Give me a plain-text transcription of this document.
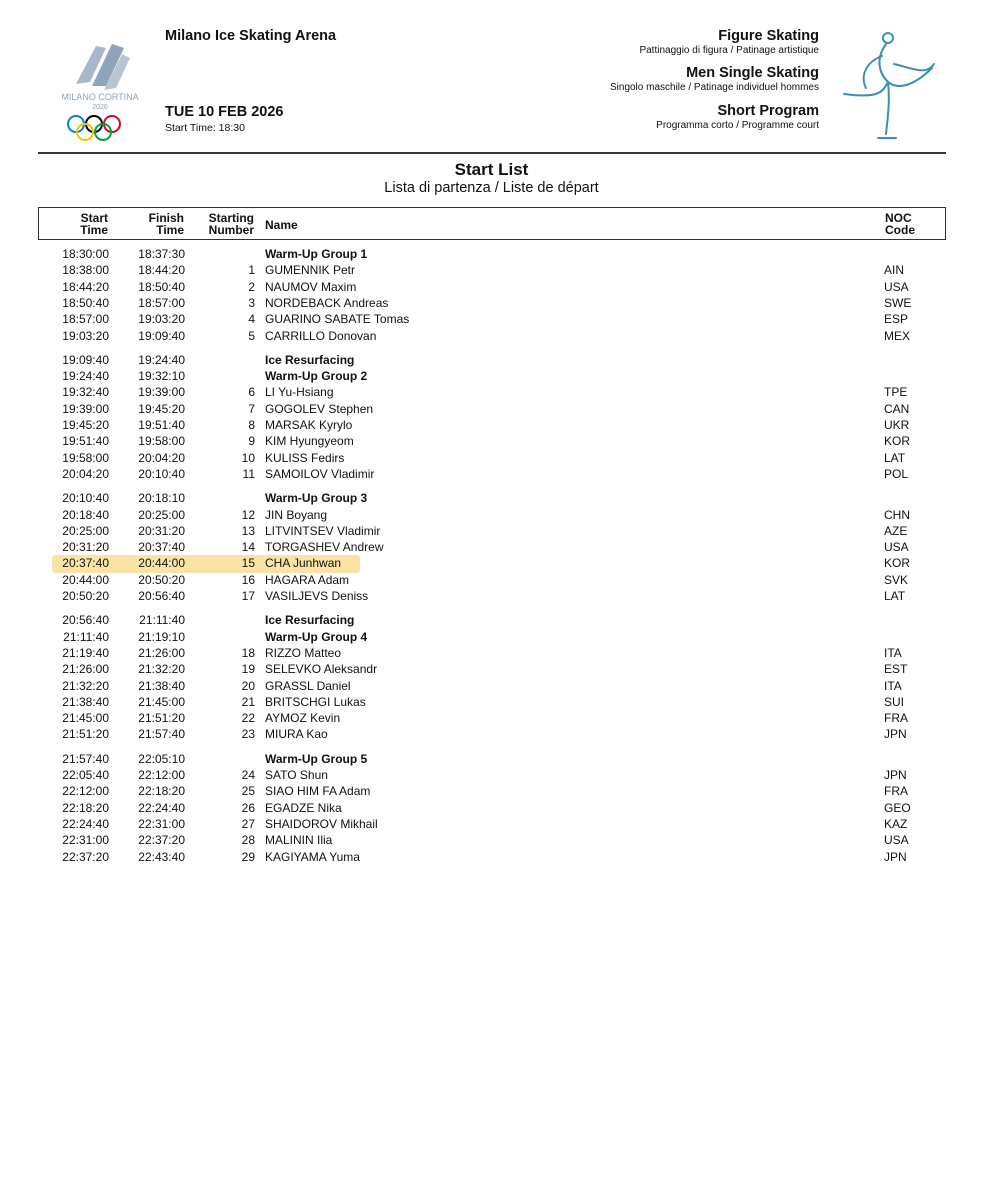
MILANO CORTINA
2026
Milano Ice Skating Arena
TUE 10 FEB 2026
Start Time: 18:30
Figure Skating
Pattinaggio di figura / Patinage artistique
Men Single Skating
Singolo maschile / Patinage individuel hommes
Short Program
Programma corto / Programme court
Start List
Lista di partenza / Liste de départ
Start
Time
Finish
Time
Starting
Number Name	NOC
Code
18:30:00 18:37:30	Warm-Up Group 1
18:38:00 18:44:20	1 GUMENNIK Petr	AIN
18:44:20 18:50:40	2 NAUMOV Maxim	USA
18:50:40 18:57:00	3 NORDEBACK Andreas	SWE
18:57:00 19:03:20	4 GUARINO SABATE Tomas	ESP
19:03:20 19:09:40	5 CARRILLO Donovan	MEX
19:09:40 19:24:40	Ice Resurfacing
19:24:40 19:32:10	Warm-Up Group 2
19:32:40 19:39:00	6 LI Yu-Hsiang	TPE
19:39:00 19:45:20	7 GOGOLEV Stephen	CAN
19:45:20 19:51:40	8 MARSAK Kyrylo	UKR
19:51:40 19:58:00	9 KIM Hyungyeom	KOR
19:58:00 20:04:20	10 KULISS Fedirs	LAT
20:04:20 20:10:40	11 SAMOILOV Vladimir	POL
20:10:40 20:18:10	Warm-Up Group 3
20:18:40 20:25:00	12 JIN Boyang	CHN
20:25:00 20:31:20	13 LITVINTSEV Vladimir	AZE
20:31:20 20:37:40	14 TORGASHEV Andrew	USA
20:37:40 20:44:00	15 CHA Junhwan	KOR
20:44:00 20:50:20	16 HAGARA Adam	SVK
20:50:20 20:56:40	17 VASILJEVS Deniss	LAT
20:56:40	21:11:40	Ice Resurfacing
21:11:40 21:19:10	Warm-Up Group 4
21:19:40 21:26:00	18 RIZZO Matteo	ITA
21:26:00 21:32:20	19 SELEVKO Aleksandr	EST
21:32:20 21:38:40	20 GRASSL Daniel	ITA
21:38:40 21:45:00	21 BRITSCHGI Lukas	SUI
21:45:00 21:51:20	22 AYMOZ Kevin	FRA
21:51:20 21:57:40	23 MIURA Kao	JPN
21:57:40 22:05:10	Warm-Up Group 5
22:05:40 22:12:00	24 SATO Shun	JPN
22:12:00 22:18:20	25 SIAO HIM FA Adam	FRA
22:18:20 22:24:40	26 EGADZE Nika	GEO
22:24:40 22:31:00	27 SHAIDOROV Mikhail	KAZ
22:31:00 22:37:20	28 MALININ Ilia	USA
22:37:20 22:43:40	29 KAGIYAMA Yuma	JPN
